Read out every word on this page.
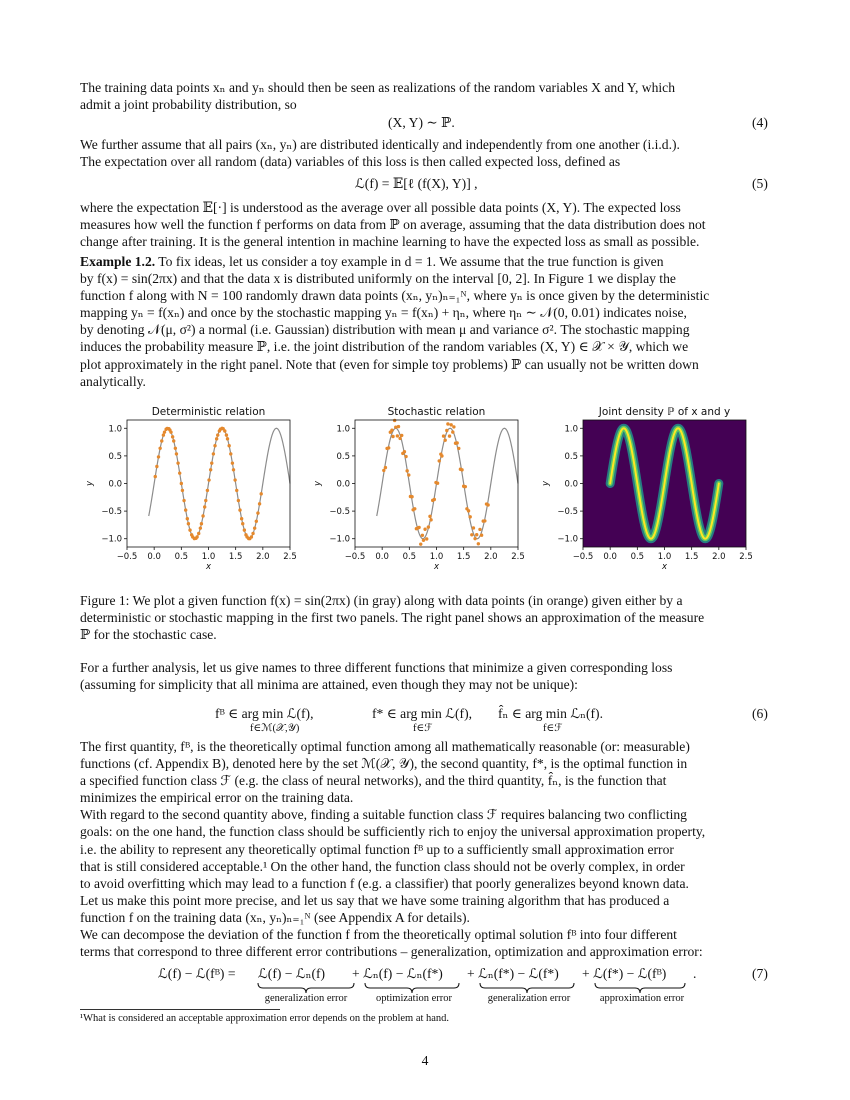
The training data points xₙ and yₙ should then be seen as realizations of the random variables X and Y, which
admit a joint probability distribution, so
(X, Y) ∼ ℙ.	(4)
We further assume that all pairs (xₙ, yₙ) are distributed identically and independently from one another (i.i.d.).
The expectation over all random (data) variables of this loss is then called expected loss, defined as
ℒ(f) = 𝔼[ℓ (f(X), Y)] ,	(5)
where the expectation 𝔼[·] is understood as the average over all possible data points (X, Y). The expected loss
measures how well the function f performs on data from ℙ on average, assuming that the data distribution does not
change after training. It is the general intention in machine learning to have the expected loss as small as possible.
Example 1.2. To fix ideas, let us consider a toy example in d = 1. We assume that the true function is given
by f(x) = sin(2πx) and that the data x is distributed uniformly on the interval [0, 2]. In Figure 1 we display the
function f along with N = 100 randomly drawn data points (xₙ, yₙ)ₙ₌₁ᴺ, where yₙ is once given by the deterministic
mapping yₙ = f(xₙ) and once by the stochastic mapping yₙ = f(xₙ) + ηₙ, where ηₙ ∼ 𝒩(0, 0.01) indicates noise,
by denoting 𝒩(μ, σ²) a normal (i.e. Gaussian) distribution with mean μ and variance σ². The stochastic mapping
induces the probability measure ℙ, i.e. the joint distribution of the random variables (X, Y) ∈ 𝒳 × 𝒴, which we
plot approximately in the right panel. Note that (even for simple toy problems) ℙ can usually not be written down
analytically.
Deterministic relation
−0.5 0.0 0.5 1.0 1.5 2.0 2.5
1.0
0.5
0.0
−0.5
−1.0
x
y
Stochastic relation
−0.5 0.0 0.5 1.0 1.5 2.0 2.5
1.0
0.5
0.0
−0.5
−1.0
x
y
Joint density ℙ of x and y
−0.5 0.0 0.5 1.0 1.5 2.0 2.5
1.0
0.5
0.0
−0.5
−1.0
x
y
Figure 1: We plot a given function f(x) = sin(2πx) (in gray) along with data points (in orange) given either by a
deterministic or stochastic mapping in the first two panels. The right panel shows an approximation of the measure
ℙ for the stochastic case.
For a further analysis, let us give names to three different functions that minimize a given corresponding loss
(assuming for simplicity that all minima are attained, even though they may not be unique):
fᴮ ∈ arg min ℒ(f),
f∈ℳ(𝒳,𝒴)
f* ∈ arg min ℒ(f),
f∈ℱ
f̂ₙ ∈ arg min ℒₙ(f).
f∈ℱ
(6)
The first quantity, fᴮ, is the theoretically optimal function among all mathematically reasonable (or: measurable)
functions (cf. Appendix B), denoted here by the set ℳ(𝒳, 𝒴), the second quantity, f*, is the optimal function in
a specified function class ℱ (e.g. the class of neural networks), and the third quantity, f̂ₙ, is the function that
minimizes the empirical error on the training data.
With regard to the second quantity above, finding a suitable function class ℱ requires balancing two conflicting
goals: on the one hand, the function class should be sufficiently rich to enjoy the universal approximation property,
i.e. the ability to represent any theoretically optimal function fᴮ up to a sufficiently small approximation error
that is still considered acceptable.¹ On the other hand, the function class should not be overly complex, in order
to avoid overfitting which may lead to a function f (e.g. a classifier) that poorly generalizes beyond known data.
Let us make this point more precise, and let us say that we have some training algorithm that has produced a
function f on the training data (xₙ, yₙ)ₙ₌₁ᴺ (see Appendix A for details).
We can decompose the deviation of the function f from the theoretically optimal solution fᴮ into four different
terms that correspond to three different error contributions – generalization, optimization and approximation error:
ℒ(f) − ℒ(fᴮ) = ℒ(f) − ℒₙ(f) + ℒₙ(f) − ℒₙ(f*) + ℒₙ(f*) − ℒ(f*) + ℒ(f*) − ℒ(fᴮ) .	(7)
generalization error	optimization error	generalization error	approximation error
¹What is considered an acceptable approximation error depends on the problem at hand.
4
